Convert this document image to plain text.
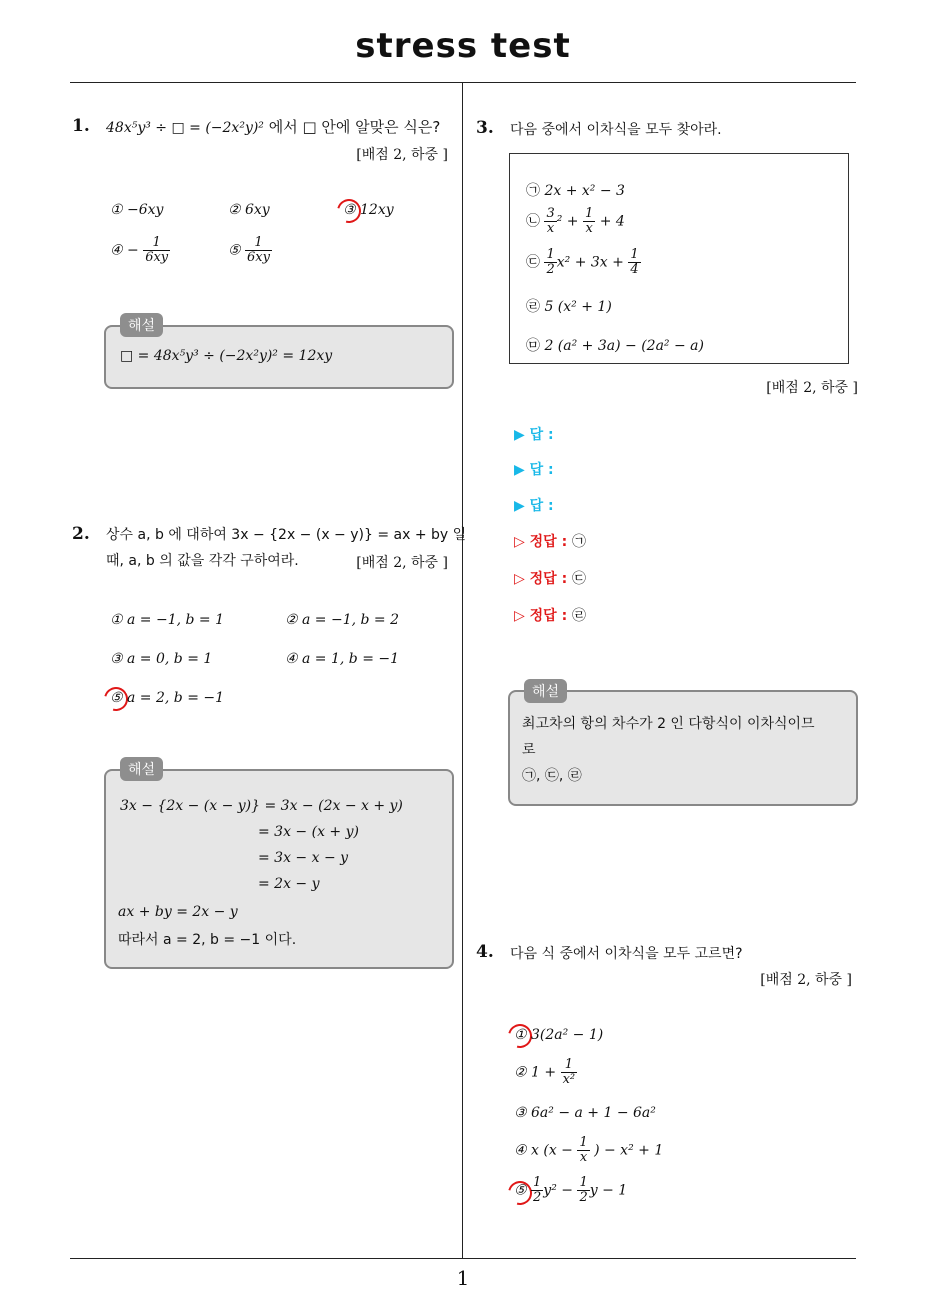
stress test
1
1. 48x⁵y³ ÷ □ = (−2x²y)² 에서 □ 안에 알맞은 식은?
[배점 2, 하중 ]
① −6xy	② 6xy	③ 12xy
④ − $\frac{1}{6xy}$	⑤ $\frac{1}{6xy}$
해설
□ = 48x⁵y³ ÷ (−2x²y)² = 12xy
2. 상수 a, b 에 대하여 3x − {2x − (x − y)} = ax + by 일
때, a, b 의 값을 각각 구하여라.	[배점 2, 하중 ]
① a = −1, b = 1	② a = −1, b = 2
③ a = 0, b = 1	④ a = 1, b = −1
⑤ a = 2, b = −1
해설
3x − {2x − (x − y)} = 3x − (2x − x + y)
= 3x − (x + y)
= 3x − x − y
= 2x − y
ax + by = 2x − y
따라서 a = 2, b = −1 이다.
3. 다음 중에서 이차식을 모두 찾아라.
㉠ 2x + x² − 3
㉡ $\frac{3}{x} ^2 + \frac{1}{x} + 4$
㉢ $\frac{1}{2} x^2 + 3x + \frac{1}{4}$
㉣ 5 (x² + 1)
㉤ 2 (a² + 3a) − (2a² − a)
[배점 2, 하중 ]
▶ 답 :
▶ 답 :
▶ 답 :
▷ 정답 : ㉠
▷ 정답 : ㉢
▷ 정답 : ㉣
해설
최고차의 항의 차수가 2 인 다항식이 이차식이므
로
㉠, ㉢, ㉣
4. 다음 식 중에서 이차식을 모두 고르면?
[배점 2, 하중 ]
① 3(2a² − 1)
② $1 + \frac{1}{\text{x²}}$
③ 6a² − a + 1 − 6a²
④ x ($x - \frac{1}{x}$ ) − x² + 1
⑤ $\frac{1}{2} y^2 - \frac{1}{2}$ y − 1
